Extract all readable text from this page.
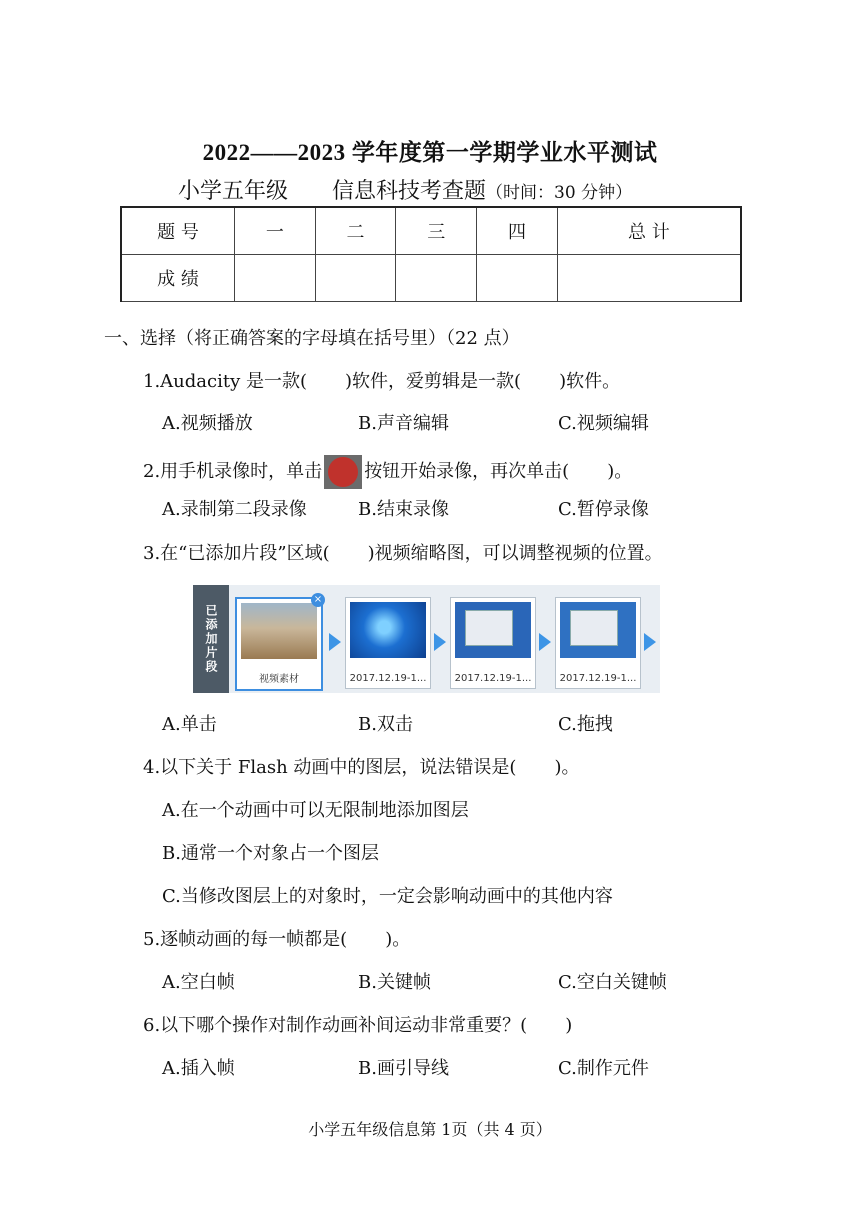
2022——2023 学年度第一学期学业水平测试
小学五年级 信息科技考查题（时间：30 分钟）
题 号	一	二	三	四	总 计
成 绩					
一、选择（将正确答案的字母填在括号里）（22 点）
1.Audacity 是一款( )软件，爱剪辑是一款( )软件。
A.视频播放	B.声音编辑	C.视频编辑
2.用手机录像时，单击 按钮开始录像，再次单击( )。
A.录制第二段录像	B.结束录像	C.暂停录像
3.在“已添加片段”区域( )视频缩略图，可以调整视频的位置。
已添加片段
视频素材
×
2017.12.19-1...	2017.12.19-1...	2017.12.19-1...
A.单击	B.双击	C.拖拽
4.以下关于 Flash 动画中的图层，说法错误是( )。
A.在一个动画中可以无限制地添加图层
B.通常一个对象占一个图层
C.当修改图层上的对象时，一定会影响动画中的其他内容
5.逐帧动画的每一帧都是( )。
A.空白帧	B.关键帧	C.空白关键帧
6.以下哪个操作对制作动画补间运动非常重要？( )
A.插入帧	B.画引导线	C.制作元件
小学五年级信息第 1页（共 4 页）
